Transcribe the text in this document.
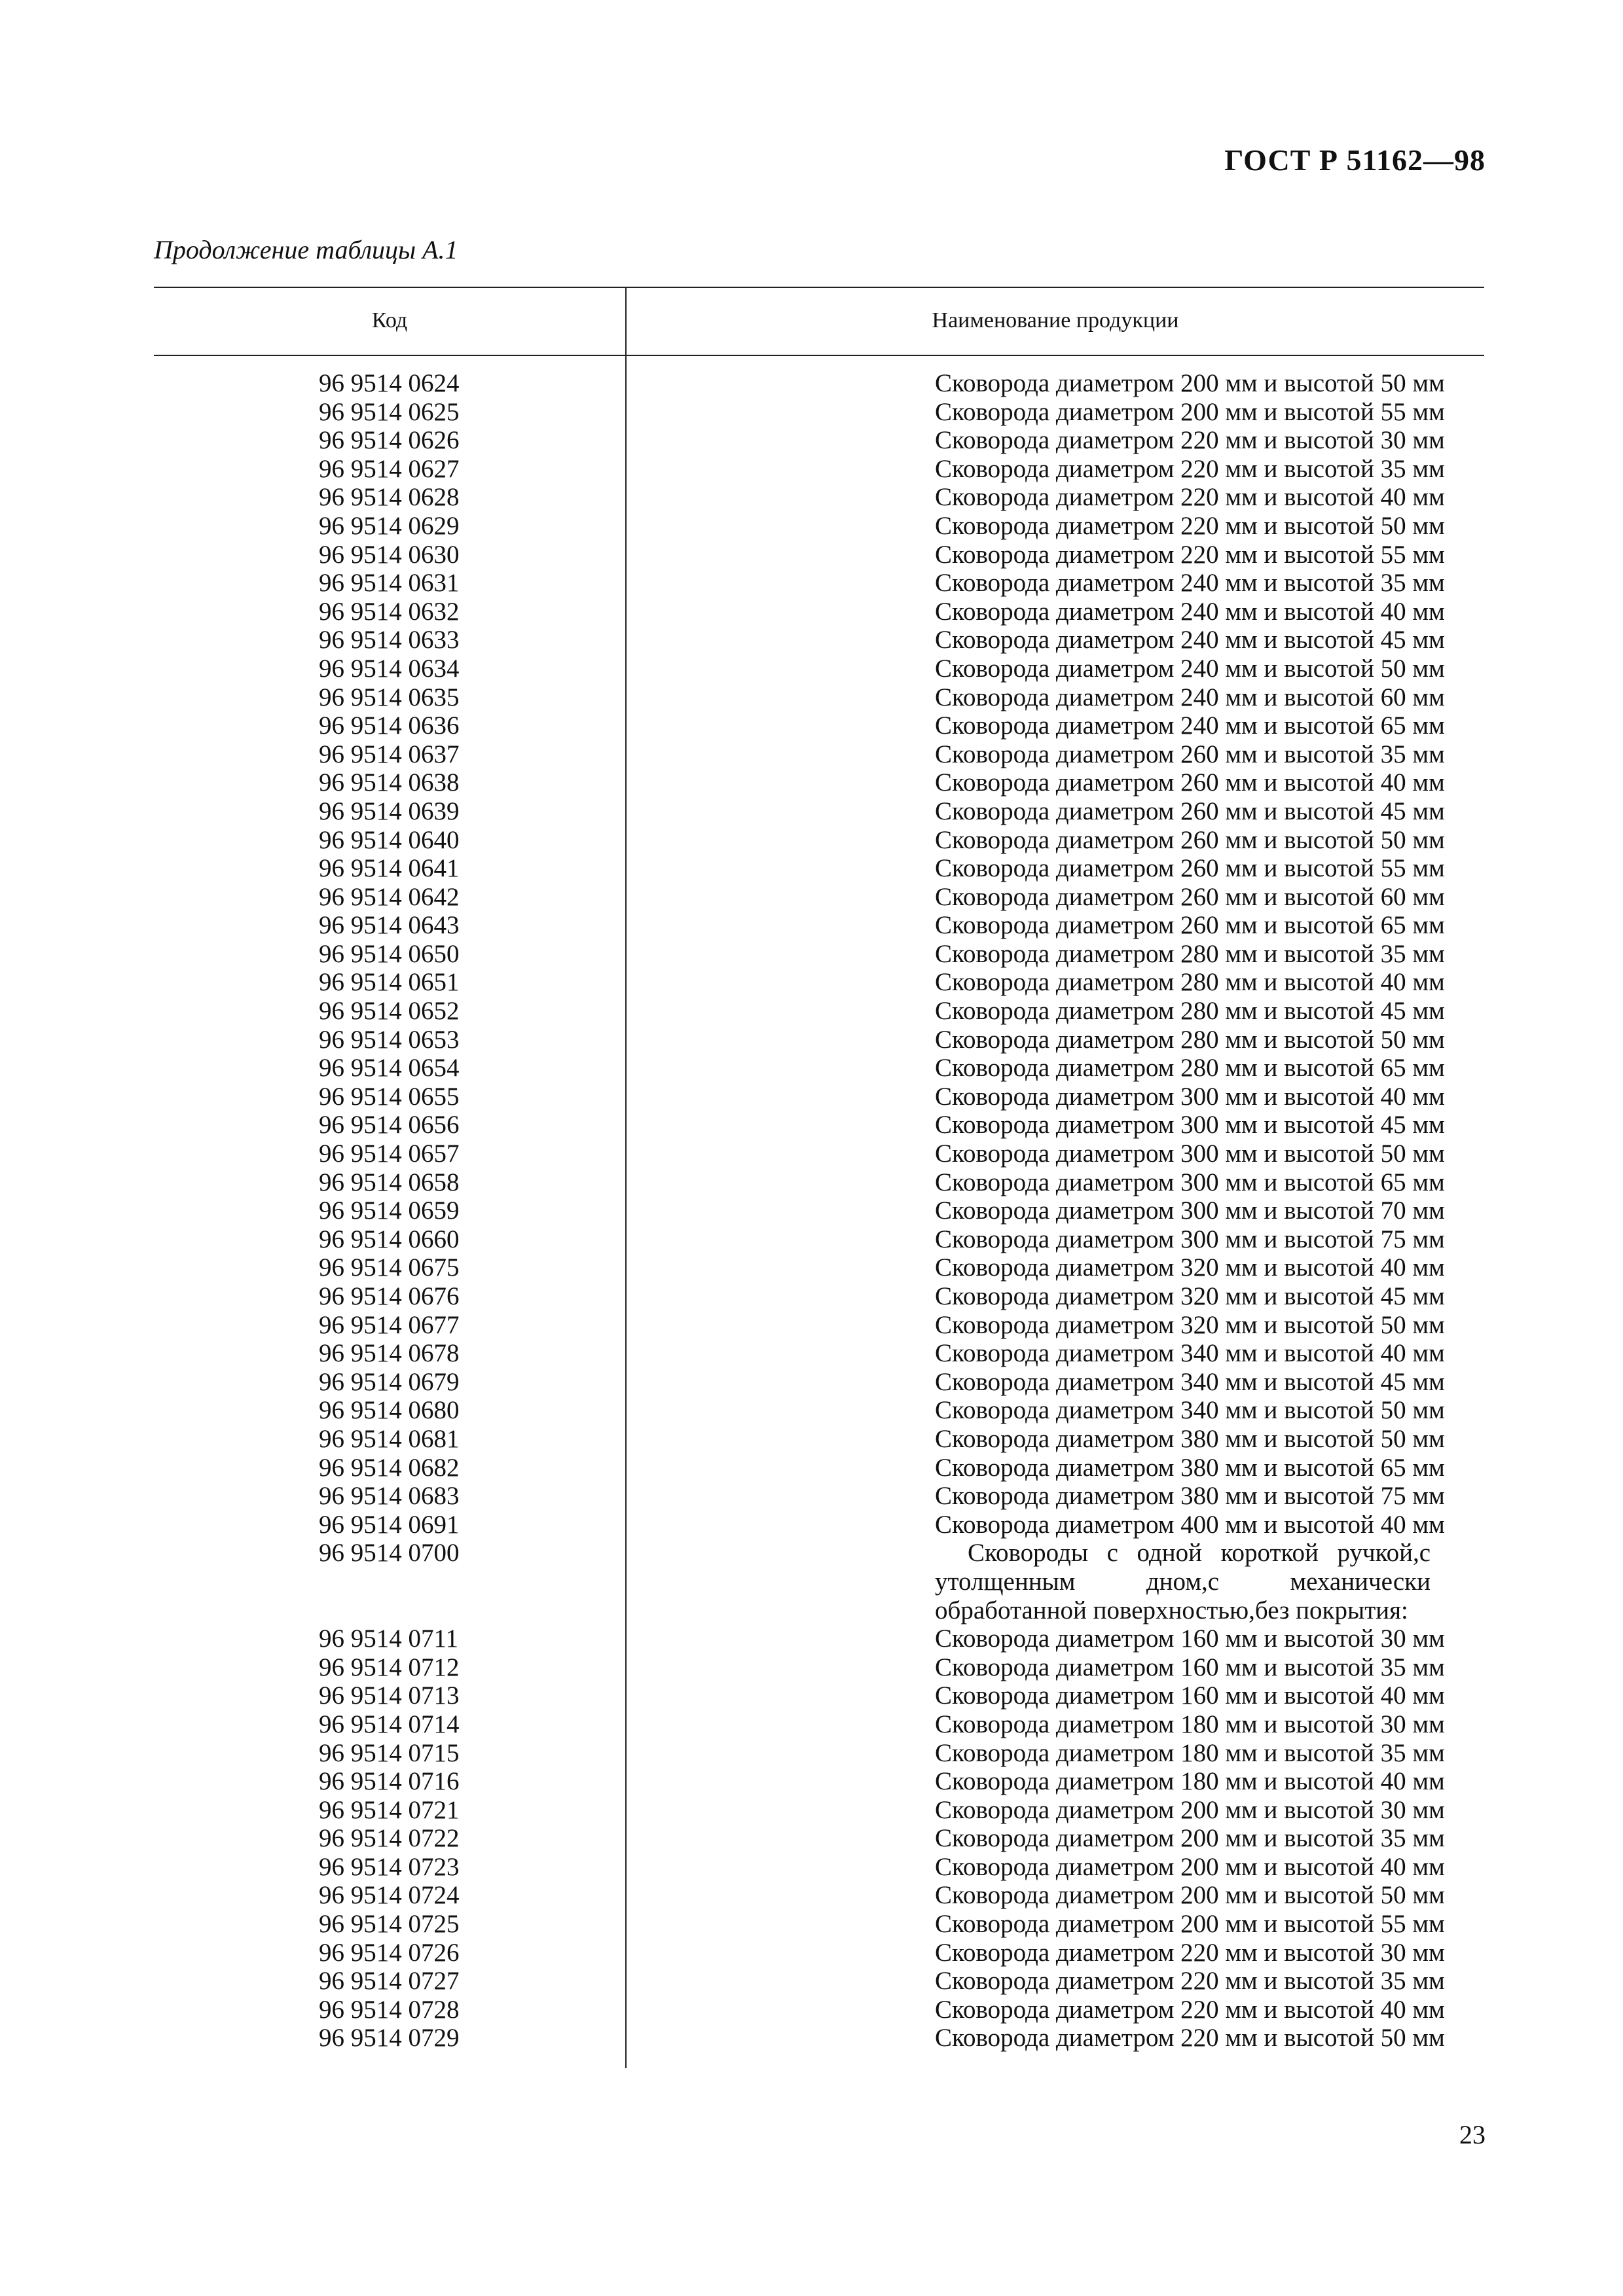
ГОСТ Р 51162—98
Продолжение таблицы А.1
Код	Наименование продукции
96 9514 0624	Сковорода диаметром 200 мм и высотой 50 мм
96 9514 0625	Сковорода диаметром 200 мм и высотой 55 мм
96 9514 0626	Сковорода диаметром 220 мм и высотой 30 мм
96 9514 0627	Сковорода диаметром 220 мм и высотой 35 мм
96 9514 0628	Сковорода диаметром 220 мм и высотой 40 мм
96 9514 0629	Сковорода диаметром 220 мм и высотой 50 мм
96 9514 0630	Сковорода диаметром 220 мм и высотой 55 мм
96 9514 0631	Сковорода диаметром 240 мм и высотой 35 мм
96 9514 0632	Сковорода диаметром 240 мм и высотой 40 мм
96 9514 0633	Сковорода диаметром 240 мм и высотой 45 мм
96 9514 0634	Сковорода диаметром 240 мм и высотой 50 мм
96 9514 0635	Сковорода диаметром 240 мм и высотой 60 мм
96 9514 0636	Сковорода диаметром 240 мм и высотой 65 мм
96 9514 0637	Сковорода диаметром 260 мм и высотой 35 мм
96 9514 0638	Сковорода диаметром 260 мм и высотой 40 мм
96 9514 0639	Сковорода диаметром 260 мм и высотой 45 мм
96 9514 0640	Сковорода диаметром 260 мм и высотой 50 мм
96 9514 0641	Сковорода диаметром 260 мм и высотой 55 мм
96 9514 0642	Сковорода диаметром 260 мм и высотой 60 мм
96 9514 0643	Сковорода диаметром 260 мм и высотой 65 мм
96 9514 0650	Сковорода диаметром 280 мм и высотой 35 мм
96 9514 0651	Сковорода диаметром 280 мм и высотой 40 мм
96 9514 0652	Сковорода диаметром 280 мм и высотой 45 мм
96 9514 0653	Сковорода диаметром 280 мм и высотой 50 мм
96 9514 0654	Сковорода диаметром 280 мм и высотой 65 мм
96 9514 0655	Сковорода диаметром 300 мм и высотой 40 мм
96 9514 0656	Сковорода диаметром 300 мм и высотой 45 мм
96 9514 0657	Сковорода диаметром 300 мм и высотой 50 мм
96 9514 0658	Сковорода диаметром 300 мм и высотой 65 мм
96 9514 0659	Сковорода диаметром 300 мм и высотой 70 мм
96 9514 0660	Сковорода диаметром 300 мм и высотой 75 мм
96 9514 0675	Сковорода диаметром 320 мм и высотой 40 мм
96 9514 0676	Сковорода диаметром 320 мм и высотой 45 мм
96 9514 0677	Сковорода диаметром 320 мм и высотой 50 мм
96 9514 0678	Сковорода диаметром 340 мм и высотой 40 мм
96 9514 0679	Сковорода диаметром 340 мм и высотой 45 мм
96 9514 0680	Сковорода диаметром 340 мм и высотой 50 мм
96 9514 0681	Сковорода диаметром 380 мм и высотой 50 мм
96 9514 0682	Сковорода диаметром 380 мм и высотой 65 мм
96 9514 0683	Сковорода диаметром 380 мм и высотой 75 мм
96 9514 0691	Сковорода диаметром 400 мм и высотой 40 мм
96 9514 0700	Сковороды с одной короткой ручкой,с утолщенным дном,с механически обработанной поверхностью,без покрытия:
96 9514 0711	Сковорода диаметром 160 мм и высотой 30 мм
96 9514 0712	Сковорода диаметром 160 мм и высотой 35 мм
96 9514 0713	Сковорода диаметром 160 мм и высотой 40 мм
96 9514 0714	Сковорода диаметром 180 мм и высотой 30 мм
96 9514 0715	Сковорода диаметром 180 мм и высотой 35 мм
96 9514 0716	Сковорода диаметром 180 мм и высотой 40 мм
96 9514 0721	Сковорода диаметром 200 мм и высотой 30 мм
96 9514 0722	Сковорода диаметром 200 мм и высотой 35 мм
96 9514 0723	Сковорода диаметром 200 мм и высотой 40 мм
96 9514 0724	Сковорода диаметром 200 мм и высотой 50 мм
96 9514 0725	Сковорода диаметром 200 мм и высотой 55 мм
96 9514 0726	Сковорода диаметром 220 мм и высотой 30 мм
96 9514 0727	Сковорода диаметром 220 мм и высотой 35 мм
96 9514 0728	Сковорода диаметром 220 мм и высотой 40 мм
96 9514 0729	Сковорода диаметром 220 мм и высотой 50 мм
23
